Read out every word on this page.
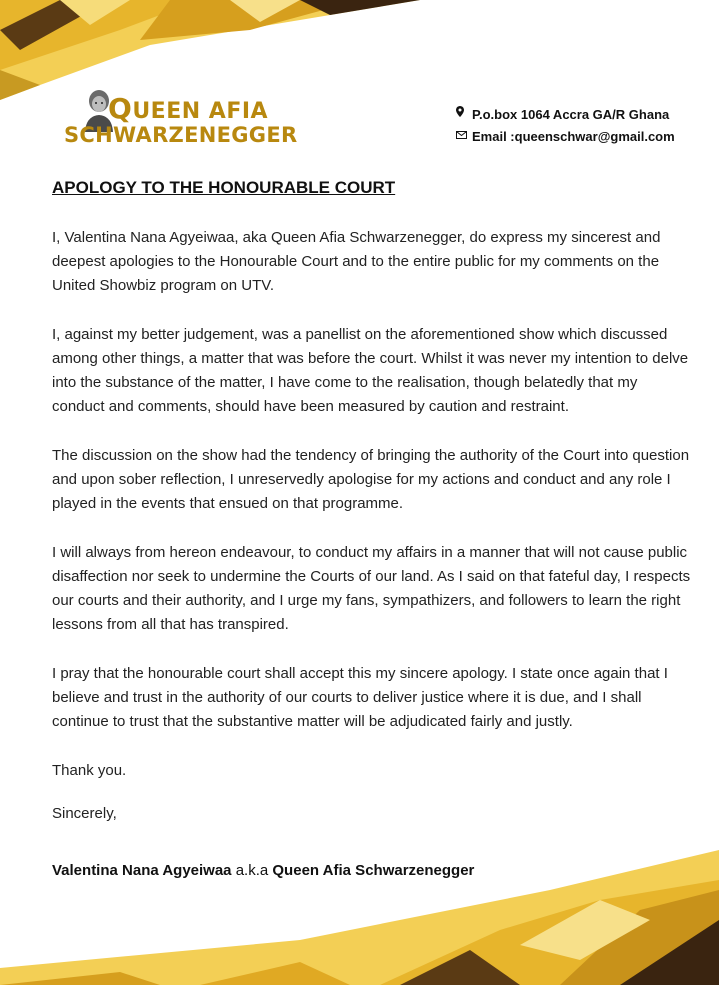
QUEEN AFIA
SCHWARZENEGGER
P.o.box 1064 Accra GA/R Ghana
Email :queenschwar@gmail.com
APOLOGY TO THE HONOURABLE COURT

I, Valentina Nana Agyeiwaa, aka Queen Afia Schwarzenegger, do express my sincerest and deepest apologies to the Honourable Court and to the entire public for my comments on the United Showbiz program on UTV.

I, against my better judgement, was a panellist on the aforementioned show which discussed among other things, a matter that was before the court. Whilst it was never my intention to delve into the substance of the matter, I have come to the realisation, though belatedly that my conduct and comments, should have been measured by caution and restraint.

The discussion on the show had the tendency of bringing the authority of the Court into question and upon sober reflection, I unreservedly apologise for my actions and conduct and any role I played in the events that ensued on that programme.

I will always from hereon endeavour, to conduct my affairs in a manner that will not cause public disaffection nor seek to undermine the Courts of our land. As I said on that fateful day, I respects our courts and their authority, and I urge my fans, sympathizers, and followers to learn the right lessons from all that has transpired.

I pray that the honourable court shall accept this my sincere apology. I state once again that I believe and trust in the authority of our courts to deliver justice where it is due, and I shall continue to trust that the substantive matter will be adjudicated fairly and justly.

Thank you.

Sincerely,

Valentina Nana Agyeiwaa a.k.a Queen Afia Schwarzenegger
